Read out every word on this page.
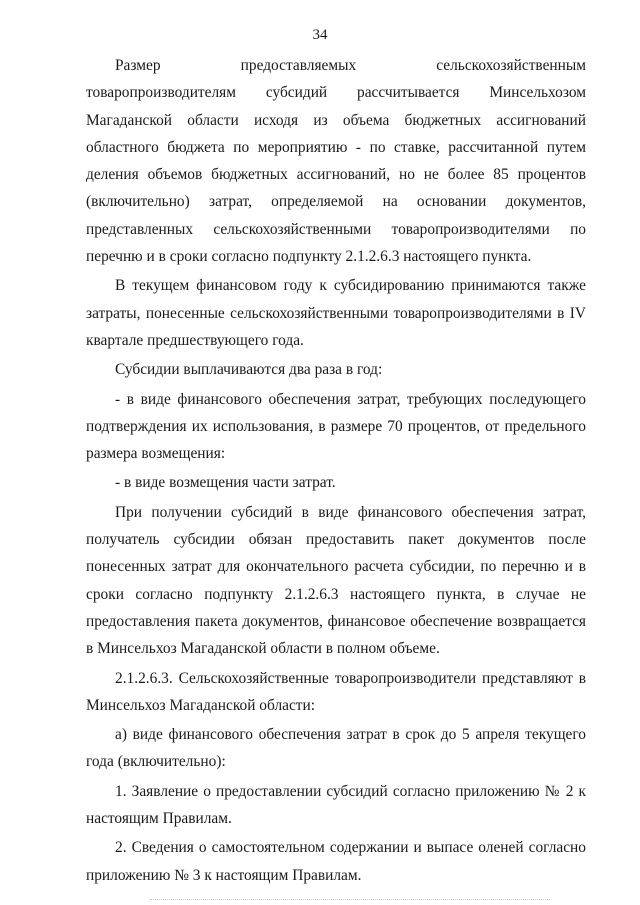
34

Размер предоставляемых сельскохозяйственным товаропроизводителям субсидий рассчитывается Минсельхозом Магаданской области исходя из объема бюджетных ассигнований областного бюджета по мероприятию - по ставке, рассчитанной путем деления объемов бюджетных ассигнований, но не более 85 процентов (включительно) затрат, определяемой на основании документов, представленных сельскохозяйственными товаропроизводителями по перечню и в сроки согласно подпункту 2.1.2.6.3 настоящего пункта.

В текущем финансовом году к субсидированию принимаются также затраты, понесенные сельскохозяйственными товаропроизводителями в IV квартале предшествующего года.

Субсидии выплачиваются два раза в год:

- в виде финансового обеспечения затрат, требующих последующего подтверждения их использования, в размере 70 процентов, от предельного размера возмещения:

- в виде возмещения части затрат.

При получении субсидий в виде финансового обеспечения затрат, получатель субсидии обязан предоставить пакет документов после понесенных затрат для окончательного расчета субсидии, по перечню и в сроки согласно подпункту 2.1.2.6.3 настоящего пункта, в случае не предоставления пакета документов, финансовое обеспечение возвращается в Минсельхоз Магаданской области в полном объеме.

2.1.2.6.3. Сельскохозяйственные товаропроизводители представляют в Минсельхоз Магаданской области:

а) виде финансового обеспечения затрат в срок до 5 апреля текущего года (включительно):

1. Заявление о предоставлении субсидий согласно приложению № 2 к настоящим Правилам.

2. Сведения о самостоятельном содержании и выпасе оленей согласно приложению № 3 к настоящим Правилам.
